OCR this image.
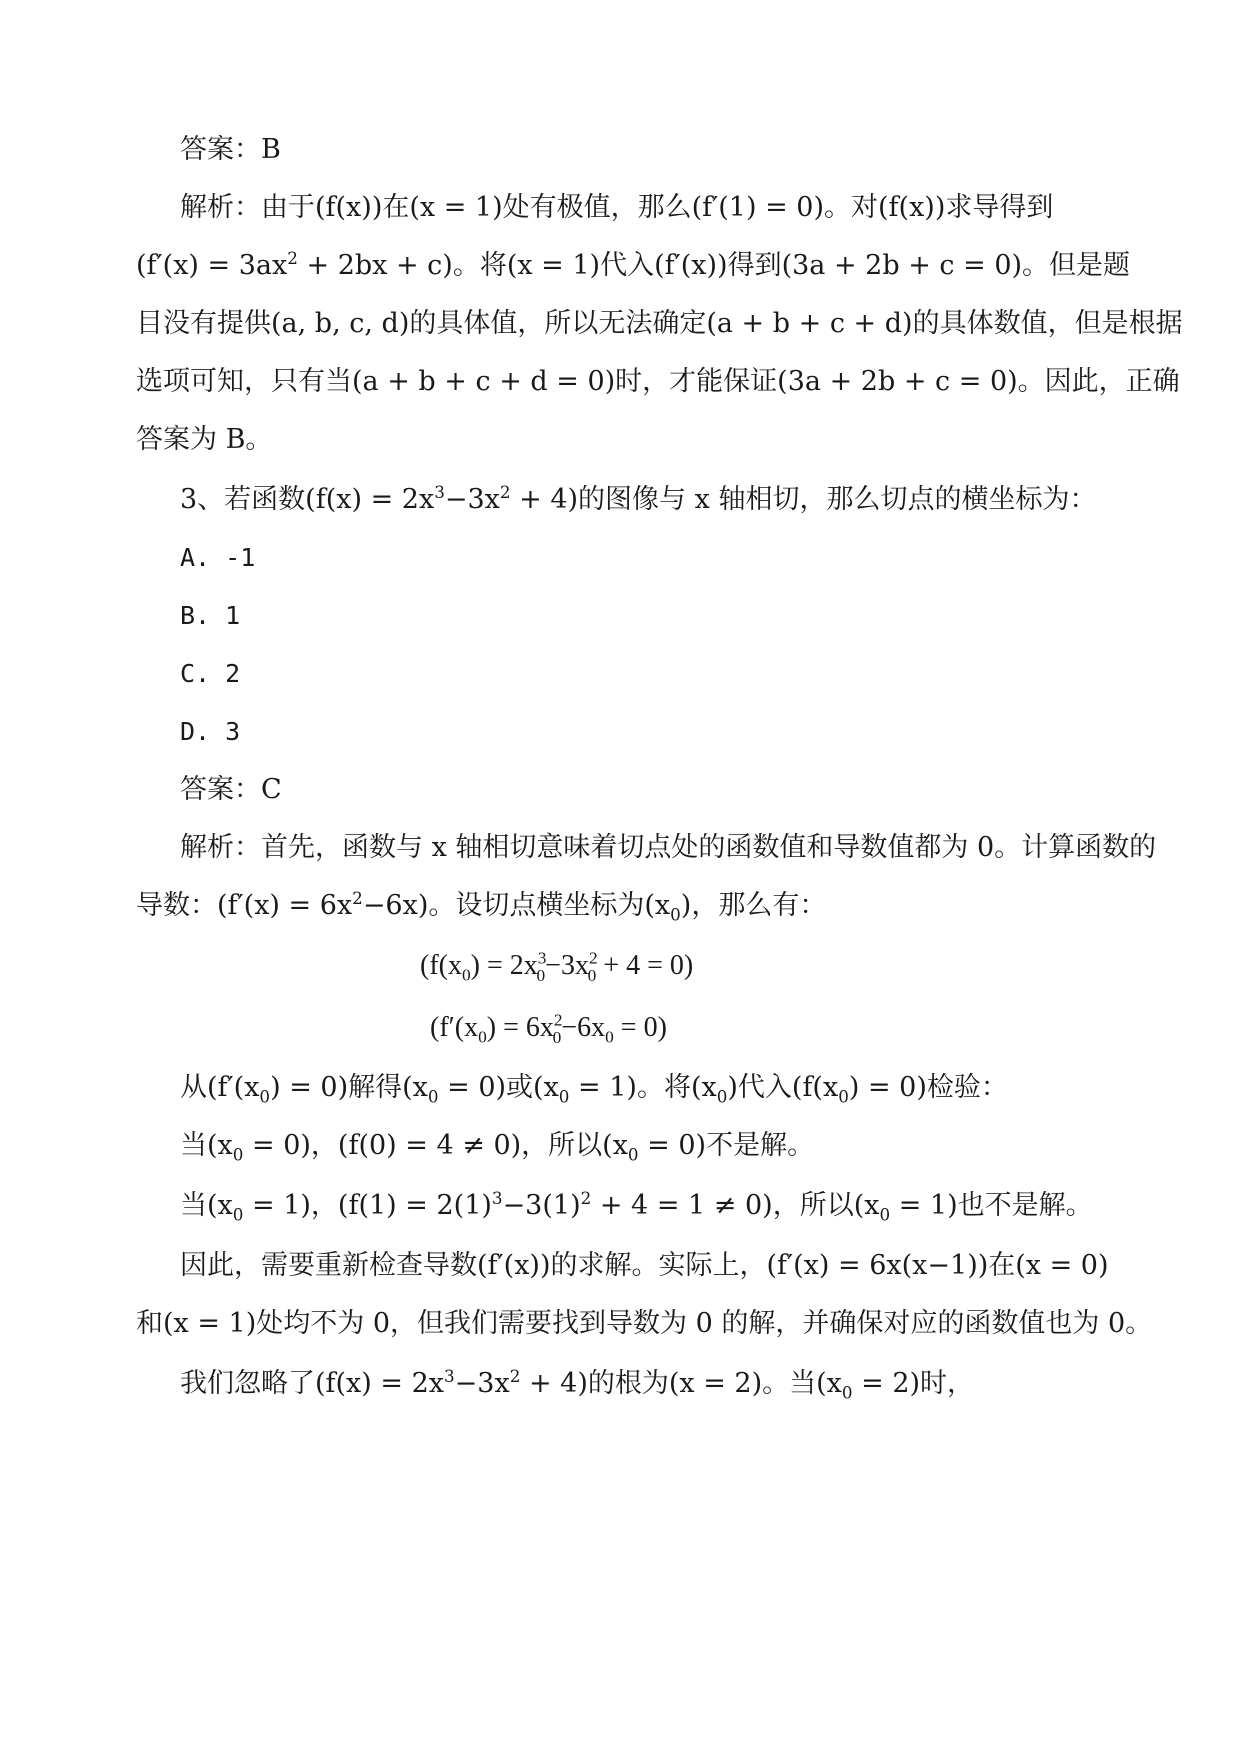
答案：B
解析：由于(f(x))在(x = 1)处有极值，那么(f′(1) = 0)。对(f(x))求导得到
$(f'(x) = 3ax^2 + 2bx + c)$。将(x = 1)代入(f′(x))得到(3a + 2b + c = 0)。但是题
目没有提供(a, b, c, d)的具体值，所以无法确定(a + b + c + d)的具体数值，但是根据
选项可知，只有当(a + b + c + d = 0)时，才能保证(3a + 2b + c = 0)。因此，正确
答案为 B。
3、若函数$(f(x) = 2x^3-3x^2 + 4)$的图像与 x 轴相切，那么切点的横坐标为：
A. -1
B. 1
C. 2
D. 3
答案：C
解析：首先，函数与 x 轴相切意味着切点处的函数值和导数值都为 0。计算函数的
导数：$(f'(x) = 6x^2-6x)$。设切点横坐标为$(x_0)$，那么有：
$(f(x_0) = 2x^3_0-3x^2_0 + 4 = 0)$
$(f'(x_0) = 6x^2_0-6x_0 = 0)$
从$(f'(x_0) = 0)$解得$(x_0 = 0)$或$(x_0 = 1)$。将$(x_0)$代入$(f(x_0) = 0)$检验：
当$(x_0 = 0)$，(f(0) = 4 ≠ 0)，所以$(x_0 = 0)$不是解。
当$(x_0 = 1)$，$(f(1) = 2(1)^3-3(1)^2 + 4 = 1 \ne 0)$，所以$(x_0 = 1)$也不是解。
因此，需要重新检查导数(f′(x))的求解。实际上，(f′(x) = 6x(x−1))在(x = 0)
和(x = 1)处均不为 0，但我们需要找到导数为 0 的解，并确保对应的函数值也为 0。
我们忽略了$(f(x) = 2x^3-3x^2 + 4)$的根为(x = 2)。当$(x_0 = 2)$时，
